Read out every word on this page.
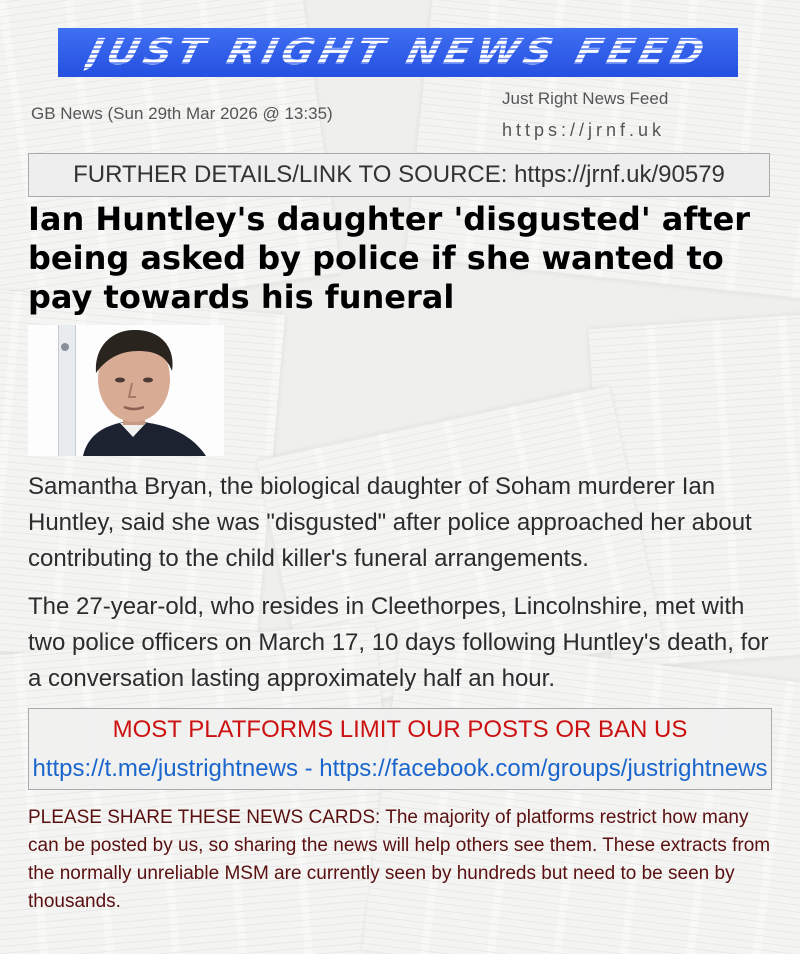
JUST RIGHT NEWS FEED
GB News (Sun 29th Mar 2026 @ 13:35)
Just Right News Feed
https://jrnf.uk
FURTHER DETAILS/LINK TO SOURCE: https://jrnf.uk/90579
Ian Huntley's daughter 'disgusted' after being asked by police if she wanted to pay towards his funeral

Samantha Bryan, the biological daughter of Soham murderer Ian Huntley, said she was "disgusted" after police approached her about contributing to the child killer's funeral arrangements.

The 27-year-old, who resides in Cleethorpes, Lincolnshire, met with two police officers on March 17, 10 days following Huntley's death, for a conversation lasting approximately half an hour.

MOST PLATFORMS LIMIT OUR POSTS OR BAN US
https://t.me/justrightnews - https://facebook.com/groups/justrightnews

PLEASE SHARE THESE NEWS CARDS: The majority of platforms restrict how many can be posted by us, so sharing the news will help others see them. These extracts from the normally unreliable MSM are currently seen by hundreds but need to be seen by thousands.
